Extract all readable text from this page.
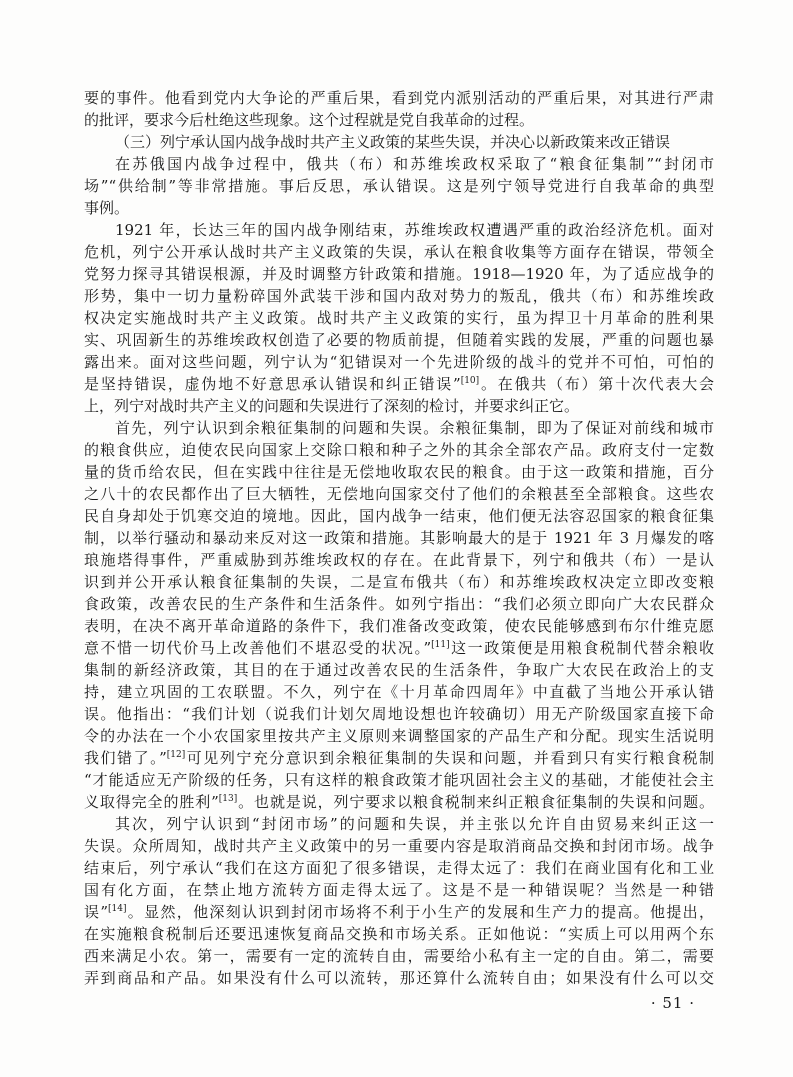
要的事件。他看到党内大争论的严重后果，看到党内派别活动的严重后果，对其进行严肃
的批评，要求今后杜绝这些现象。这个过程就是党自我革命的过程。
（三）列宁承认国内战争战时共产主义政策的某些失误，并决心以新政策来改正错误
在苏俄国内战争过程中，俄共（布）和苏维埃政权采取了“粮食征集制”“封闭市
场”“供给制”等非常措施。事后反思，承认错误。这是列宁领导党进行自我革命的典型
事例。
1921 年，长达三年的国内战争刚结束，苏维埃政权遭遇严重的政治经济危机。面对
危机，列宁公开承认战时共产主义政策的失误，承认在粮食收集等方面存在错误，带领全
党努力探寻其错误根源，并及时调整方针政策和措施。1918—1920 年，为了适应战争的
形势，集中一切力量粉碎国外武装干涉和国内敌对势力的叛乱，俄共（布）和苏维埃政
权决定实施战时共产主义政策。战时共产主义政策的实行，虽为捍卫十月革命的胜利果
实、巩固新生的苏维埃政权创造了必要的物质前提，但随着实践的发展，严重的问题也暴
露出来。面对这些问题，列宁认为“犯错误对一个先进阶级的战斗的党并不可怕，可怕的
是坚持错误，虚伪地不好意思承认错误和纠正错误”[10]。在俄共（布）第十次代表大会
上，列宁对战时共产主义的问题和失误进行了深刻的检讨，并要求纠正它。
首先，列宁认识到余粮征集制的问题和失误。余粮征集制，即为了保证对前线和城市
的粮食供应，迫使农民向国家上交除口粮和种子之外的其余全部农产品。政府支付一定数
量的货币给农民，但在实践中往往是无偿地收取农民的粮食。由于这一政策和措施，百分
之八十的农民都作出了巨大牺牲，无偿地向国家交付了他们的余粮甚至全部粮食。这些农
民自身却处于饥寒交迫的境地。因此，国内战争一结束，他们便无法容忍国家的粮食征集
制，以举行骚动和暴动来反对这一政策和措施。其影响最大的是于 1921 年 3 月爆发的喀
琅施塔得事件，严重威胁到苏维埃政权的存在。在此背景下，列宁和俄共（布）一是认
识到并公开承认粮食征集制的失误，二是宣布俄共（布）和苏维埃政权决定立即改变粮
食政策，改善农民的生产条件和生活条件。如列宁指出：“我们必须立即向广大农民群众
表明，在决不离开革命道路的条件下，我们准备改变政策，使农民能够感到布尔什维克愿
意不惜一切代价马上改善他们不堪忍受的状况。”[11]这一政策便是用粮食税制代替余粮收
集制的新经济政策，其目的在于通过改善农民的生活条件，争取广大农民在政治上的支
持，建立巩固的工农联盟。不久，列宁在《十月革命四周年》中直截了当地公开承认错
误。他指出：“我们计划（说我们计划欠周地设想也许较确切）用无产阶级国家直接下命
令的办法在一个小农国家里按共产主义原则来调整国家的产品生产和分配。现实生活说明
我们错了。”[12]可见列宁充分意识到余粮征集制的失误和问题，并看到只有实行粮食税制
“才能适应无产阶级的任务，只有这样的粮食政策才能巩固社会主义的基础，才能使社会主
义取得完全的胜利”[13]。也就是说，列宁要求以粮食税制来纠正粮食征集制的失误和问题。
其次，列宁认识到“封闭市场”的问题和失误，并主张以允许自由贸易来纠正这一
失误。众所周知，战时共产主义政策中的另一重要内容是取消商品交换和封闭市场。战争
结束后，列宁承认“我们在这方面犯了很多错误，走得太远了：我们在商业国有化和工业
国有化方面，在禁止地方流转方面走得太远了。这是不是一种错误呢？当然是一种错
误”[14]。显然，他深刻认识到封闭市场将不利于小生产的发展和生产力的提高。他提出，
在实施粮食税制后还要迅速恢复商品交换和市场关系。正如他说：“实质上可以用两个东
西来满足小农。第一，需要有一定的流转自由，需要给小私有主一定的自由。第二，需要
弄到商品和产品。如果没有什么可以流转，那还算什么流转自由；如果没有什么可以交
· 51 ·
